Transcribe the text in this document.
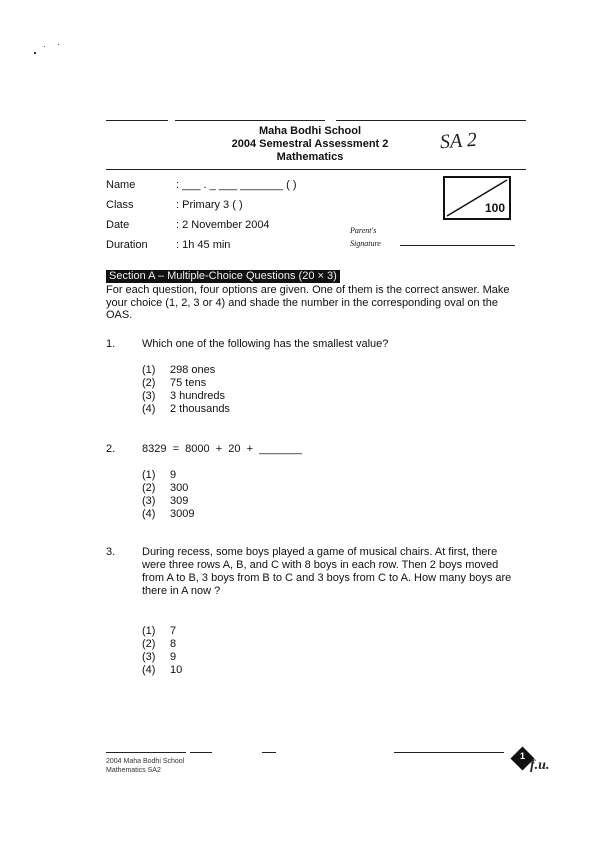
Maha Bodhi School
2004 Semestral Assessment 2
Mathematics
SA 2
Name	: ___ . _ ___ _______ ( )
Class	: Primary 3 ( )
Date	: 2 November 2004
Duration	: 1h 45 min
Parent's
Signature
100
Section A – Multiple-Choice Questions (20 × 3)
For each question, four options are given. One of them is the correct answer. Make your choice (1, 2, 3 or 4) and shade the number in the corresponding oval on the OAS.
1. Which one of the following has the smallest value?
(1) 298 ones
(2) 75 tens
(3) 3 hundreds
(4) 2 thousands
2. 8329  =  8000  +  20  +  _______
(1) 9
(2) 300
(3) 309
(4) 3009
3. During recess, some boys played a game of musical chairs. At first, there were three rows A, B, and C with 8 boys in each row. Then 2 boys moved from A to B, 3 boys from B to C and 3 boys from C to A. How many boys are there in A now ?
(1) 7
(2) 8
(3) 9
(4) 10
2004 Maha Bodhi School
Mathematics SA2
1
f.u.
